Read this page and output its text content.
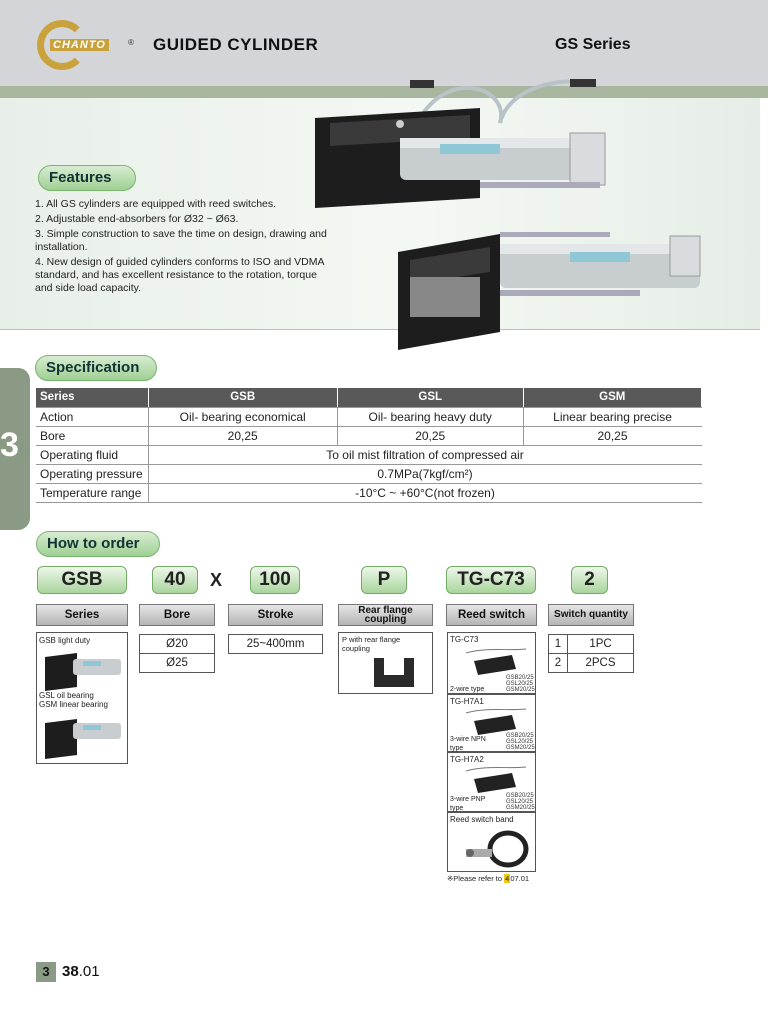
CHANTO	® GUIDED CYLINDER	GS Series
Features
1. All GS cylinders are equipped with reed switches.
2. Adjustable end-absorbers for Ø32 ~ Ø63.
3. Simple construction to save the time on design, drawing and installation.
4. New design of guided cylinders conforms to ISO and VDMA standard, and has excellent resistance to the rotation, torque and side load capacity.
3
Specification
Series	GSB	GSL	GSM
Action	Oil- bearing economical	Oil- bearing heavy duty	Linear bearing precise
Bore	20,25	20,25	20,25
Operating fluid	To oil mist filtration of compressed air		
Operating pressure	0.7MPa(7kgf/cm²)		
Temperature range	-10°C ~ +60°C(not frozen)		
How to order
GSB	40	X	100	P	TG-C73	2
Series	Bore	Stroke	Rear flange coupling	Reed switch	Switch quantity
GSB light duty
GSL oil bearing
GSM linear bearing
Ø20
Ø25
25~400mm	P with rear flange coupling
TG-C73
GSB20/25
GSL20/25
GSM20/25
2-wire type
TG-H7A1
GSB20/25
GSL20/25
GSM20/25
3-wire NPN type
TG-H7A2
GSB20/25
GSL20/25
GSM20/25
3-wire PNP type
Reed switch band
※Please refer to 407.01
1	1PC
2	2PCS
3 38.01
